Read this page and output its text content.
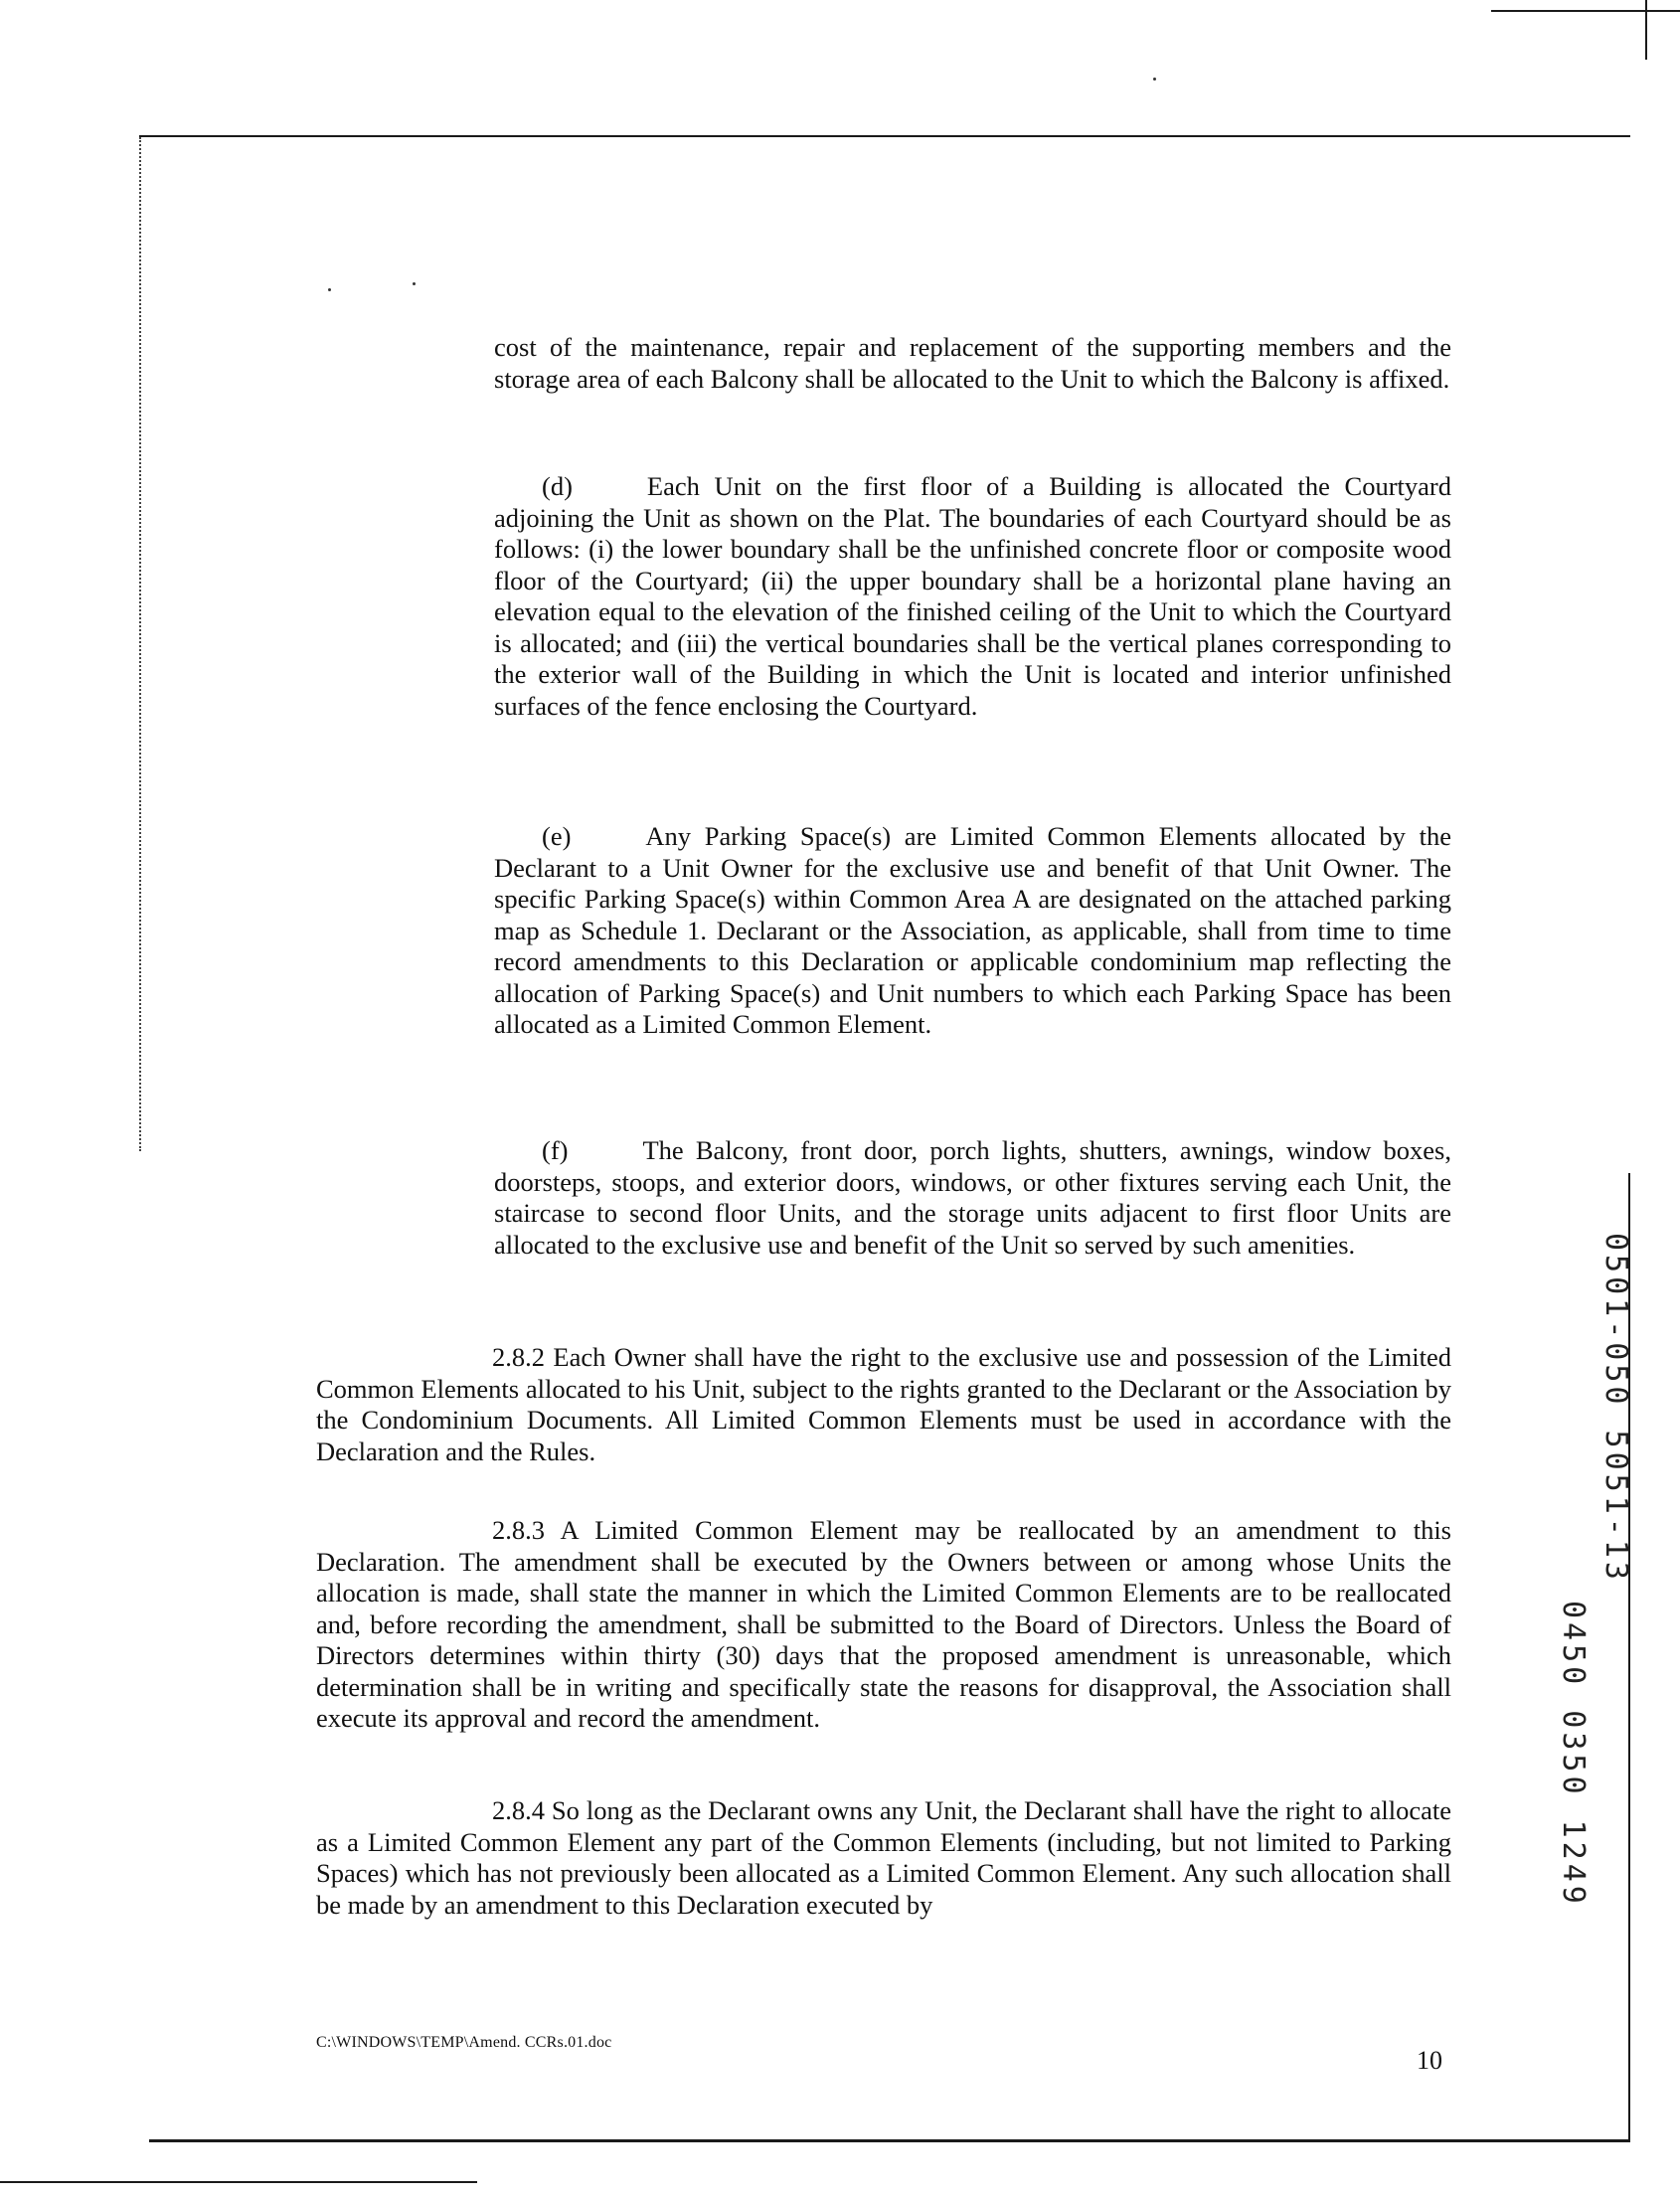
cost of the maintenance, repair and replacement of the supporting members and the storage area of each Balcony shall be allocated to the Unit to which the Balcony is affixed.

(d)	Each Unit on the first floor of a Building is allocated the Courtyard adjoining the Unit as shown on the Plat. The boundaries of each Courtyard should be as follows: (i) the lower boundary shall be the unfinished concrete floor or composite wood floor of the Courtyard; (ii) the upper boundary shall be a horizontal plane having an elevation equal to the elevation of the finished ceiling of the Unit to which the Courtyard is allocated; and (iii) the vertical boundaries shall be the vertical planes corresponding to the exterior wall of the Building in which the Unit is located and interior unfinished surfaces of the fence enclosing the Courtyard.

(e)	Any Parking Space(s) are Limited Common Elements allocated by the Declarant to a Unit Owner for the exclusive use and benefit of that Unit Owner. The specific Parking Space(s) within Common Area A are designated on the attached parking map as Schedule 1. Declarant or the Association, as applicable, shall from time to time record amendments to this Declaration or applicable condominium map reflecting the allocation of Parking Space(s) and Unit numbers to which each Parking Space has been allocated as a Limited Common Element.

(f)	The Balcony, front door, porch lights, shutters, awnings, window boxes, doorsteps, stoops, and exterior doors, windows, or other fixtures serving each Unit, the staircase to second floor Units, and the storage units adjacent to first floor Units are allocated to the exclusive use and benefit of the Unit so served by such amenities.

2.8.2 Each Owner shall have the right to the exclusive use and possession of the Limited Common Elements allocated to his Unit, subject to the rights granted to the Declarant or the Association by the Condominium Documents. All Limited Common Elements must be used in accordance with the Declaration and the Rules.

2.8.3 A Limited Common Element may be reallocated by an amendment to this Declaration. The amendment shall be executed by the Owners between or among whose Units the allocation is made, shall state the manner in which the Limited Common Elements are to be reallocated and, before recording the amendment, shall be submitted to the Board of Directors. Unless the Board of Directors determines within thirty (30) days that the proposed amendment is unreasonable, which determination shall be in writing and specifically state the reasons for disapproval, the Association shall execute its approval and record the amendment.

2.8.4 So long as the Declarant owns any Unit, the Declarant shall have the right to allocate as a Limited Common Element any part of the Common Elements (including, but not limited to Parking Spaces) which has not previously been allocated as a Limited Common Element. Any such allocation shall be made by an amendment to this Declaration executed by

C:\WINDOWS\TEMP\Amend. CCRs.01.doc
10
0501-050 5051-13
0450 0350 1249
